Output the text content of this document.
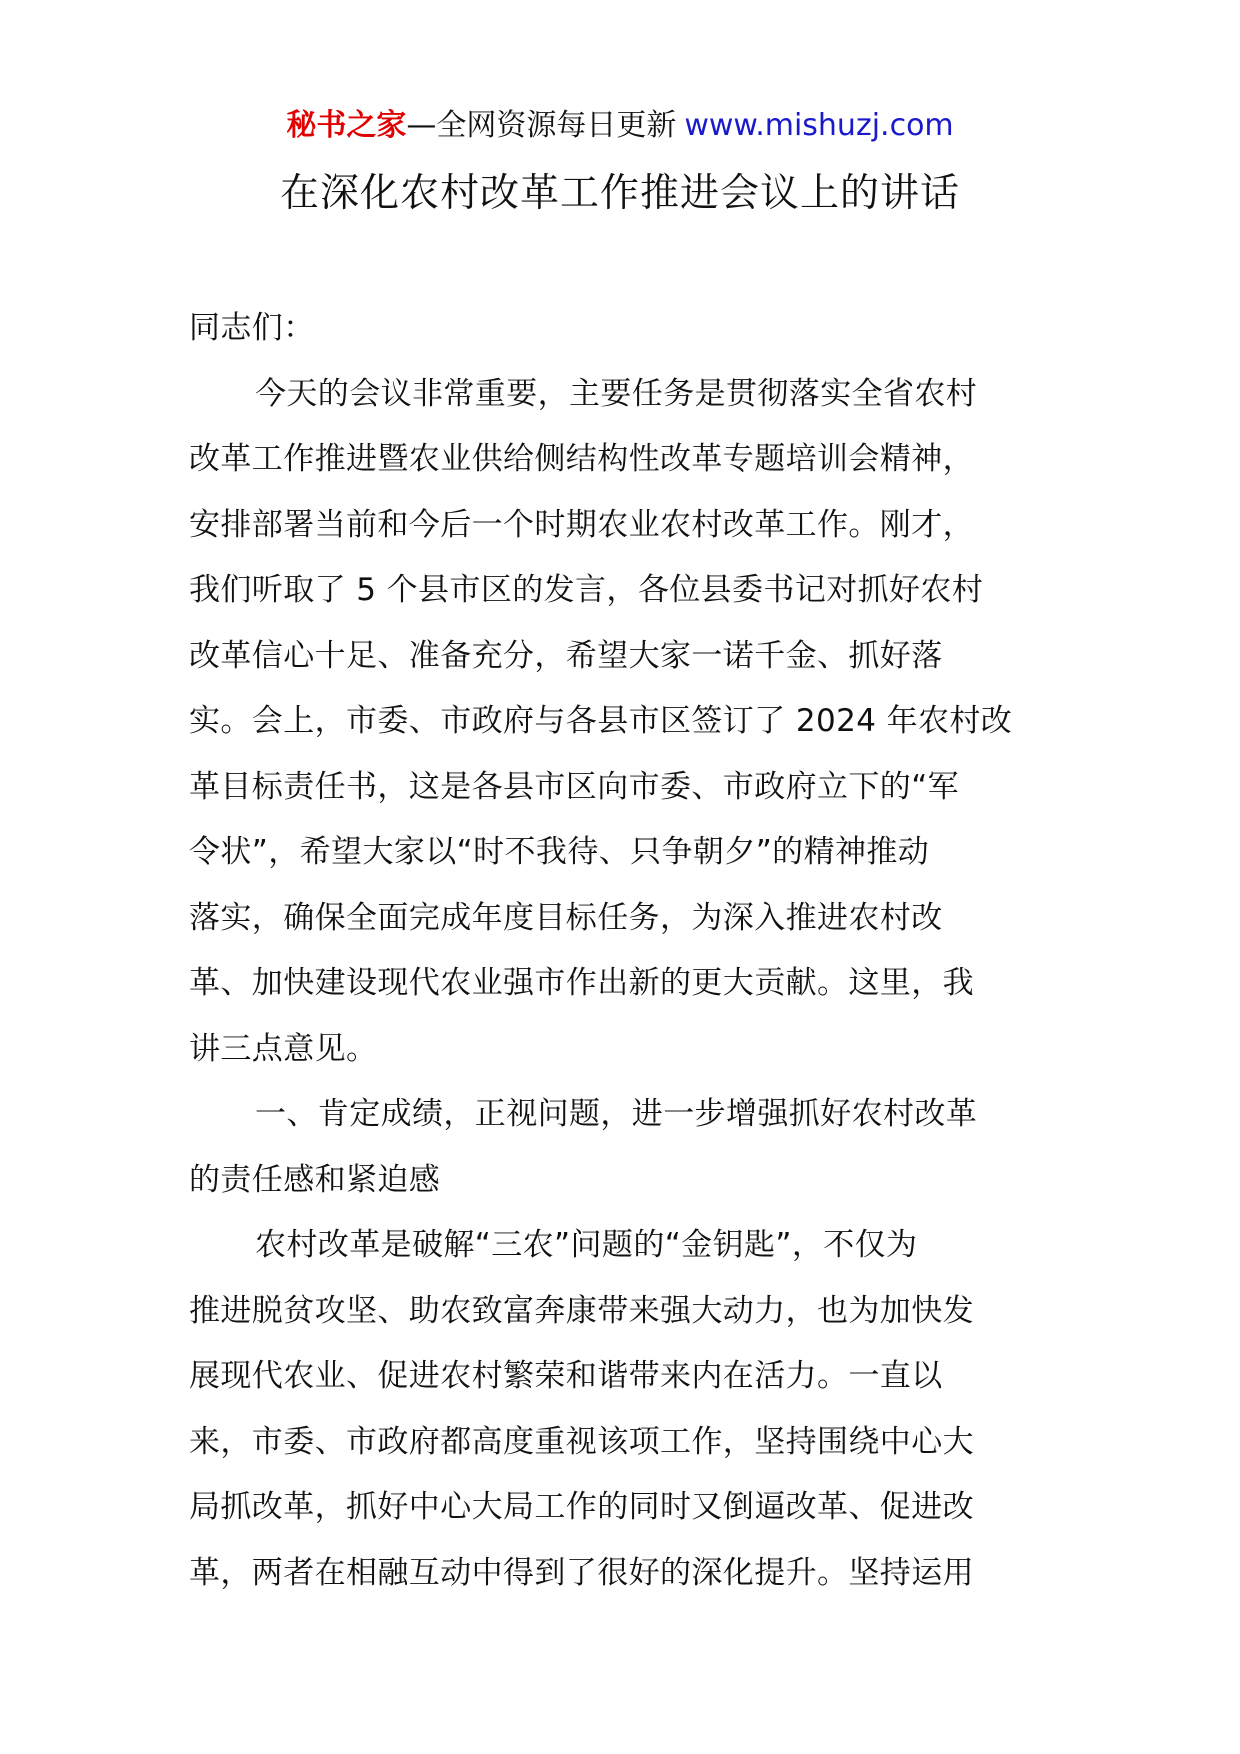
秘书之家—全网资源每日更新 www.mishuzj.com
在深化农村改革工作推进会议上的讲话
同志们：
今天的会议非常重要，主要任务是贯彻落实全省农村
改革工作推进暨农业供给侧结构性改革专题培训会精神，
安排部署当前和今后一个时期农业农村改革工作。刚才，
我们听取了 5 个县市区的发言，各位县委书记对抓好农村
改革信心十足、准备充分，希望大家一诺千金、抓好落
实。会上，市委、市政府与各县市区签订了 2024 年农村改
革目标责任书，这是各县市区向市委、市政府立下的“军
令状”，希望大家以“时不我待、只争朝夕”的精神推动
落实，确保全面完成年度目标任务，为深入推进农村改
革、加快建设现代农业强市作出新的更大贡献。这里，我
讲三点意见。
一、肯定成绩，正视问题，进一步增强抓好农村改革
的责任感和紧迫感
农村改革是破解“三农”问题的“金钥匙”，不仅为
推进脱贫攻坚、助农致富奔康带来强大动力，也为加快发
展现代农业、促进农村繁荣和谐带来内在活力。一直以
来，市委、市政府都高度重视该项工作，坚持围绕中心大
局抓改革，抓好中心大局工作的同时又倒逼改革、促进改
革，两者在相融互动中得到了很好的深化提升。坚持运用
